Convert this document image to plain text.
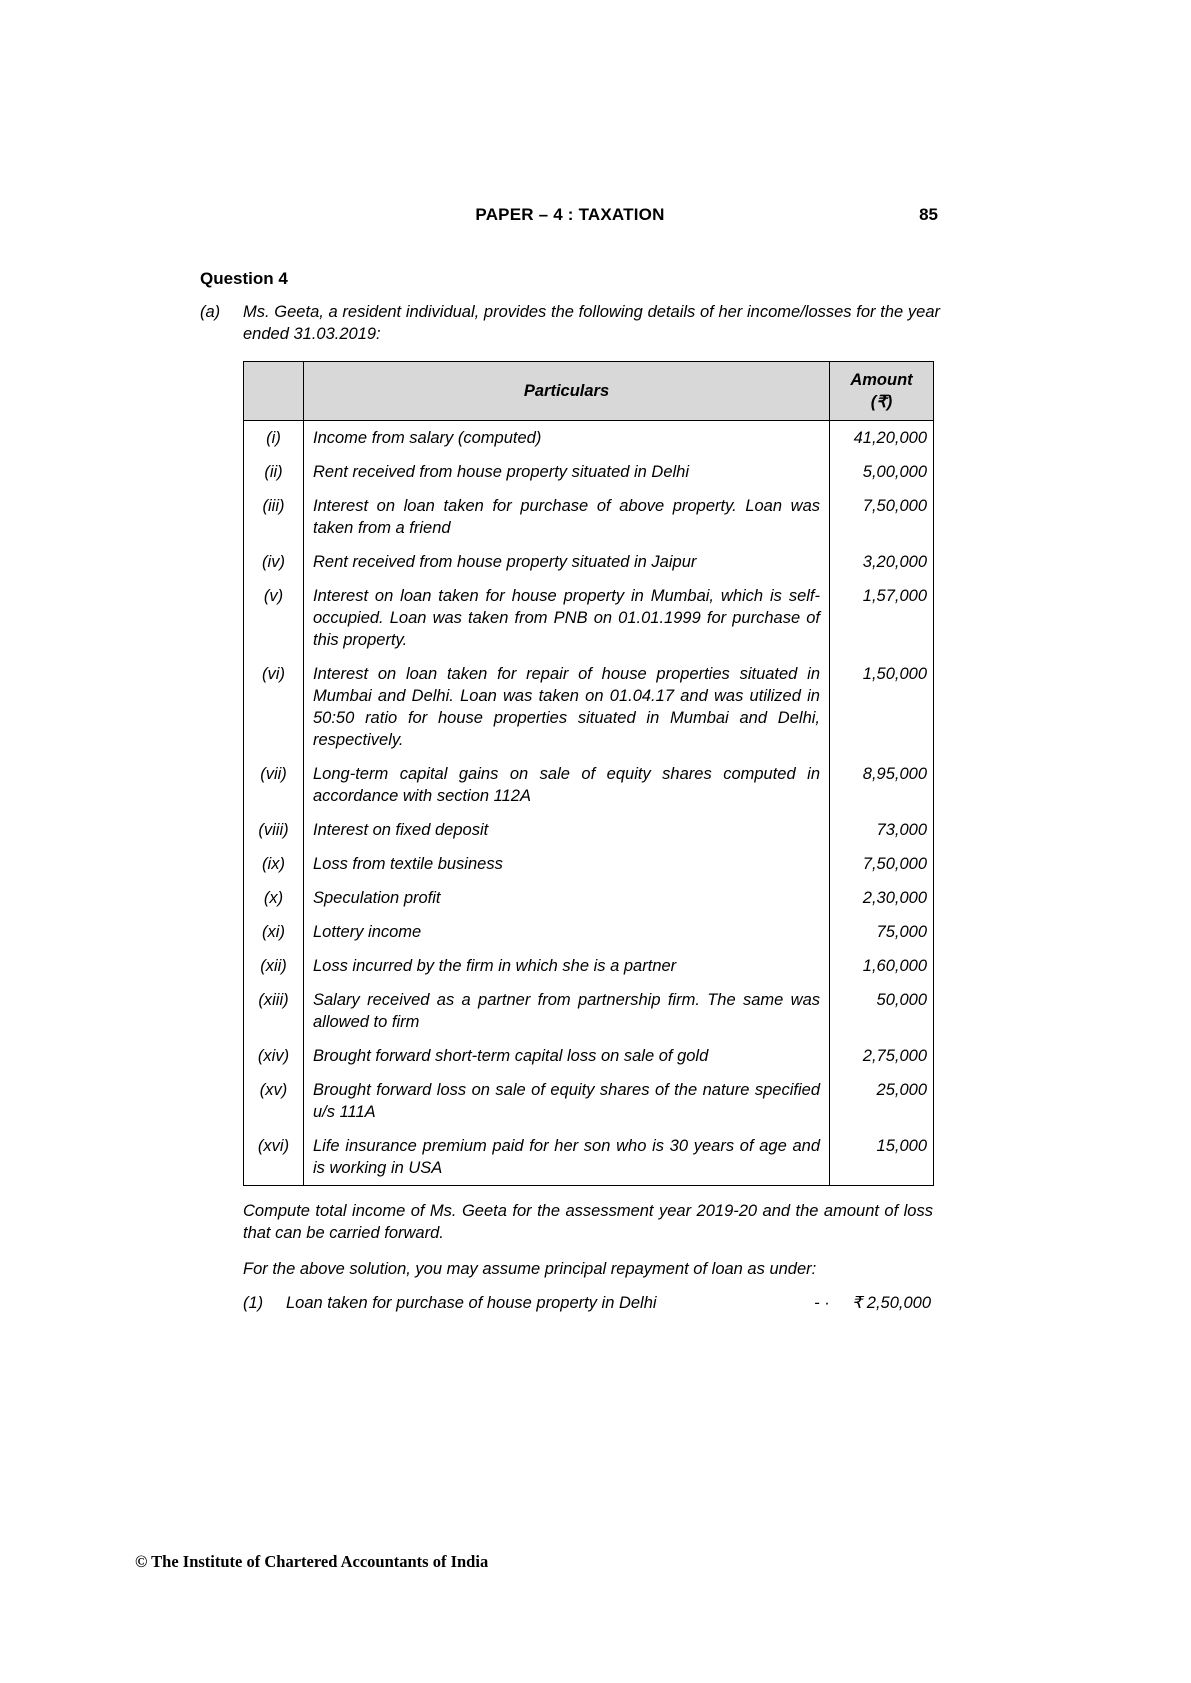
PAPER – 4 : TAXATION	85
Question 4
(a)	Ms. Geeta, a resident individual, provides the following details of her income/losses for the year ended 31.03.2019:
	Particulars	Amount
(₹)
(i)	Income from salary (computed)	41,20,000
(ii)	Rent received from house property situated in Delhi	5,00,000
(iii)	Interest on loan taken for purchase of above property. Loan was taken from a friend	7,50,000
(iv)	Rent received from house property situated in Jaipur	3,20,000
(v)	Interest on loan taken for house property in Mumbai, which is self-occupied. Loan was taken from PNB on 01.01.1999 for purchase of this property.	1,57,000
(vi)	Interest on loan taken for repair of house properties situated in Mumbai and Delhi. Loan was taken on 01.04.17 and was utilized in 50:50 ratio for house properties situated in Mumbai and Delhi, respectively.	1,50,000
(vii)	Long-term capital gains on sale of equity shares computed in accordance with section 112A	8,95,000
(viii)	Interest on fixed deposit	73,000
(ix)	Loss from textile business	7,50,000
(x)	Speculation profit	2,30,000
(xi)	Lottery income	75,000
(xii)	Loss incurred by the firm in which she is a partner	1,60,000
(xiii)	Salary received as a partner from partnership firm. The same was allowed to firm	50,000
(xiv)	Brought forward short-term capital loss on sale of gold	2,75,000
(xv)	Brought forward loss on sale of equity shares of the nature specified u/s 111A	25,000
(xvi)	Life insurance premium paid for her son who is 30 years of age and is working in USA	15,000
Compute total income of Ms. Geeta for the assessment year 2019-20 and the amount of loss that can be carried forward.
For the above solution, you may assume principal repayment of loan as under:
(1)	Loan taken for purchase of house property in Delhi	- · ₹ 2,50,000
© The Institute of Chartered Accountants of India
